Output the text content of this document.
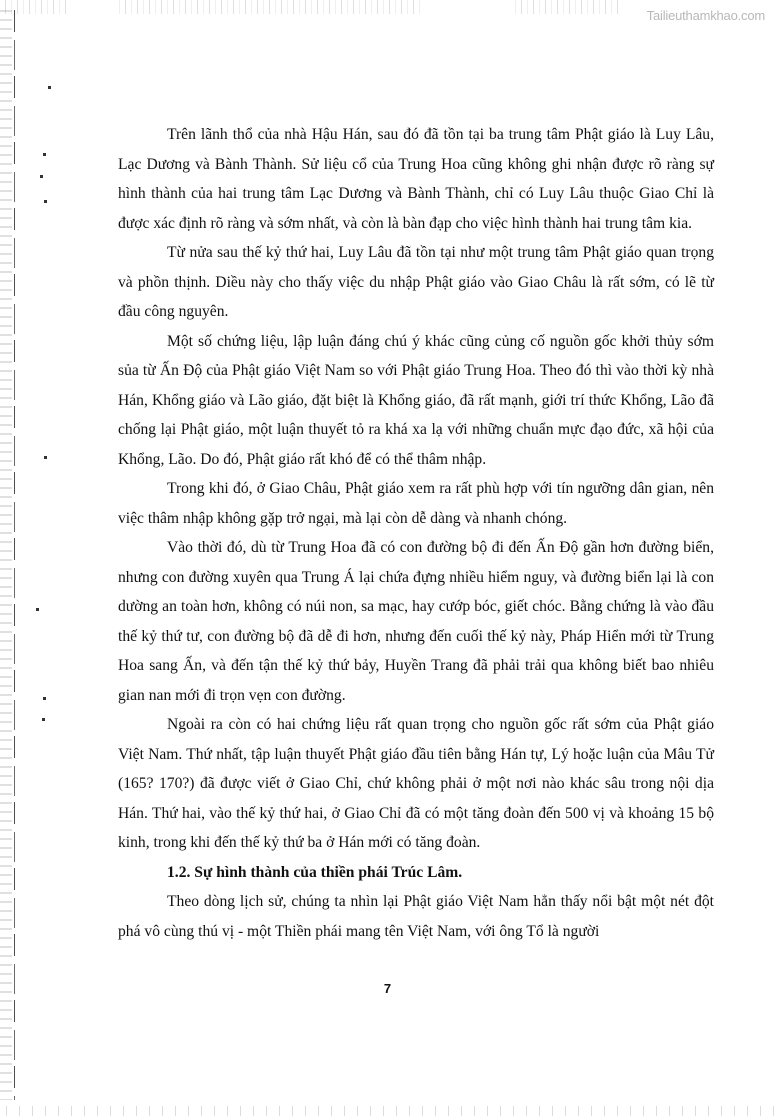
Tailieuthamkhao.com

Trên lãnh thổ của nhà Hậu Hán, sau đó đã tồn tại ba trung tâm Phật giáo là Luy Lâu, Lạc Dương và Bành Thành. Sử liệu cổ của Trung Hoa cũng không ghi nhận được rõ ràng sự hình thành của hai trung tâm Lạc Dương và Bành Thành, chỉ có Luy Lâu thuộc Giao Chỉ là được xác định rõ ràng và sớm nhất, và còn là bàn đạp cho việc hình thành hai trung tâm kia.

Từ nửa sau thế kỷ thứ hai, Luy Lâu đã tồn tại như một trung tâm Phật giáo quan trọng và phồn thịnh. Diều này cho thấy việc du nhập Phật giáo vào Giao Châu là rất sớm, có lẽ từ đầu công nguyên.

Một số chứng liệu, lập luận đáng chú ý khác cũng củng cố nguồn gốc khởi thủy sớm sủa từ Ấn Độ của Phật giáo Việt Nam so với Phật giáo Trung Hoa. Theo đó thì vào thời kỳ nhà Hán, Khổng giáo và Lão giáo, đặt biệt là Khổng giáo, đã rất mạnh, giới trí thức Khổng, Lão đã chống lại Phật giáo, một luận thuyết tỏ ra khá xa lạ với những chuẩn mực đạo đức, xã hội của Khổng, Lão. Do đó, Phật giáo rất khó để có thể thâm nhập.

Trong khi đó, ở Giao Châu, Phật giáo xem ra rất phù hợp với tín ngưỡng dân gian, nên việc thâm nhập không gặp trở ngại, mà lại còn dễ dàng và nhanh chóng.

Vào thời đó, dù từ Trung Hoa đã có con đường bộ đi đến Ấn Độ gần hơn đường biển, nhưng con đường xuyên qua Trung Á lại chứa đựng nhiều hiểm nguy, và đường biển lại là con dường an toàn hơn, không có núi non, sa mạc, hay cướp bóc, giết chóc. Bằng chứng là vào đầu thế kỷ thứ tư, con đường bộ đã dễ đi hơn, nhưng đến cuối thế kỷ này, Pháp Hiển mới từ Trung Hoa sang Ấn, và đến tận thế kỷ thứ bảy, Huyền Trang đã phải trải qua không biết bao nhiêu gian nan mới đi trọn vẹn con đường.

Ngoài ra còn có hai chứng liệu rất quan trọng cho nguồn gốc rất sớm của Phật giáo Việt Nam. Thứ nhất, tập luận thuyết Phật giáo đầu tiên bằng Hán tự, Lý hoặc luận của Mâu Tử (165? 170?) đã được viết ở Giao Chỉ, chứ không phải ở một nơi nào khác sâu trong nội dịa Hán. Thứ hai, vào thế kỷ thứ hai, ở Giao Chỉ đã có một tăng đoàn đến 500 vị và khoảng 15 bộ kinh, trong khi đến thế kỷ thứ ba ở Hán mới có tăng đoàn.

1.2. Sự hình thành của thiền phái Trúc Lâm.

Theo dòng lịch sử, chúng ta nhìn lại Phật giáo Việt Nam hẳn thấy nổi bật một nét đột phá vô cùng thú vị - một Thiền phái mang tên Việt Nam, với ông Tổ là người

7
